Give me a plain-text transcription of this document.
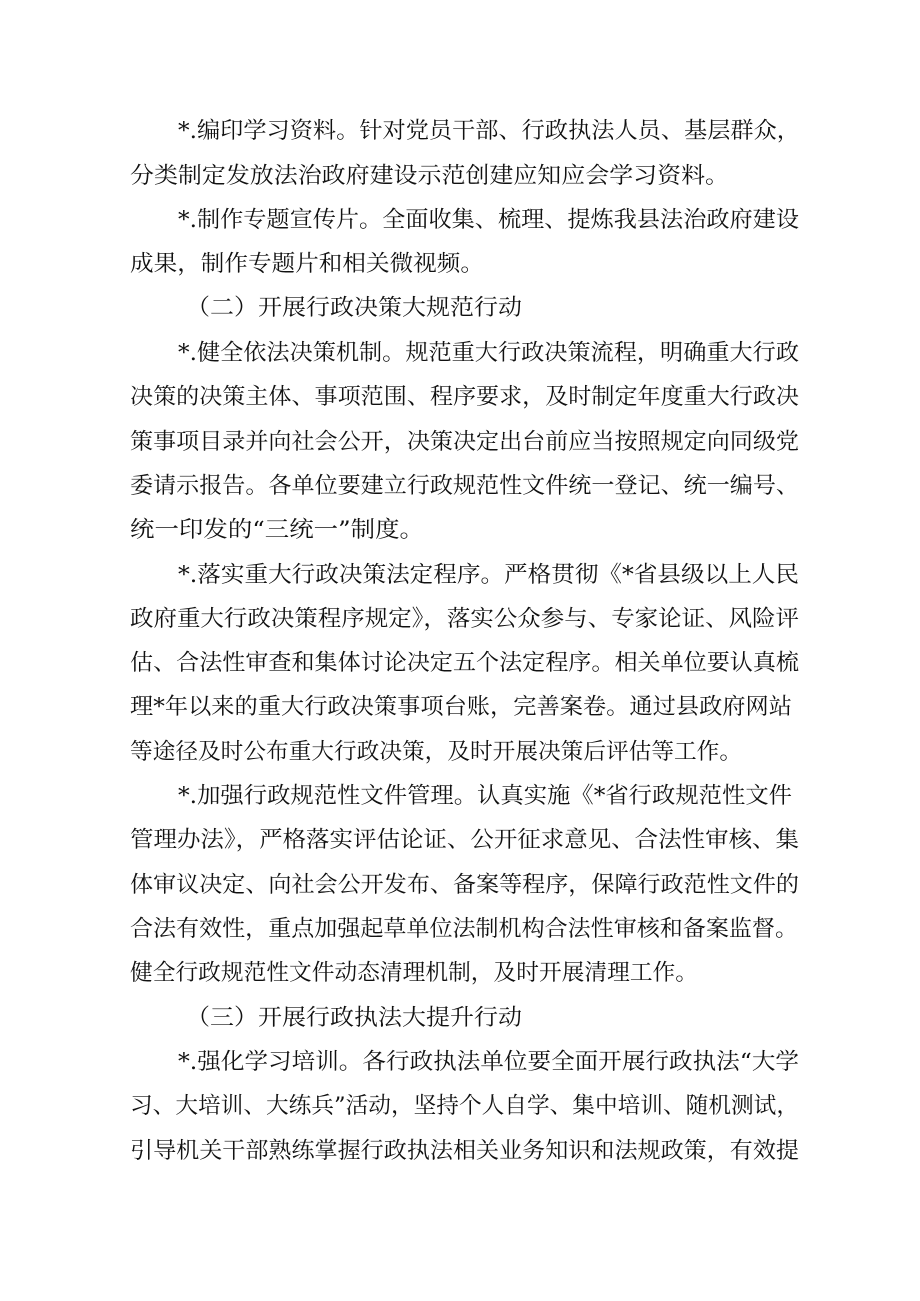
*.编印学习资料。针对党员干部、行政执法人员、基层群众，
分类制定发放法治政府建设示范创建应知应会学习资料。
*.制作专题宣传片。全面收集、梳理、提炼我县法治政府建设
成果，制作专题片和相关微视频。
（二）开展行政决策大规范行动
*.健全依法决策机制。规范重大行政决策流程，明确重大行政
决策的决策主体、事项范围、程序要求，及时制定年度重大行政决
策事项目录并向社会公开，决策决定出台前应当按照规定向同级党
委请示报告。各单位要建立行政规范性文件统一登记、统一编号、
统一印发的“三统一”制度。
*.落实重大行政决策法定程序。严格贯彻《*省县级以上人民
政府重大行政决策程序规定》，落实公众参与、专家论证、风险评
估、合法性审查和集体讨论决定五个法定程序。相关单位要认真梳
理*年以来的重大行政决策事项台账，完善案卷。通过县政府网站
等途径及时公布重大行政决策，及时开展决策后评估等工作。
*.加强行政规范性文件管理。认真实施《*省行政规范性文件
管理办法》，严格落实评估论证、公开征求意见、合法性审核、集
体审议决定、向社会公开发布、备案等程序，保障行政范性文件的
合法有效性，重点加强起草单位法制机构合法性审核和备案监督。
健全行政规范性文件动态清理机制，及时开展清理工作。
（三）开展行政执法大提升行动
*.强化学习培训。各行政执法单位要全面开展行政执法“大学
习、大培训、大练兵”活动，坚持个人自学、集中培训、随机测试，
引导机关干部熟练掌握行政执法相关业务知识和法规政策，有效提
